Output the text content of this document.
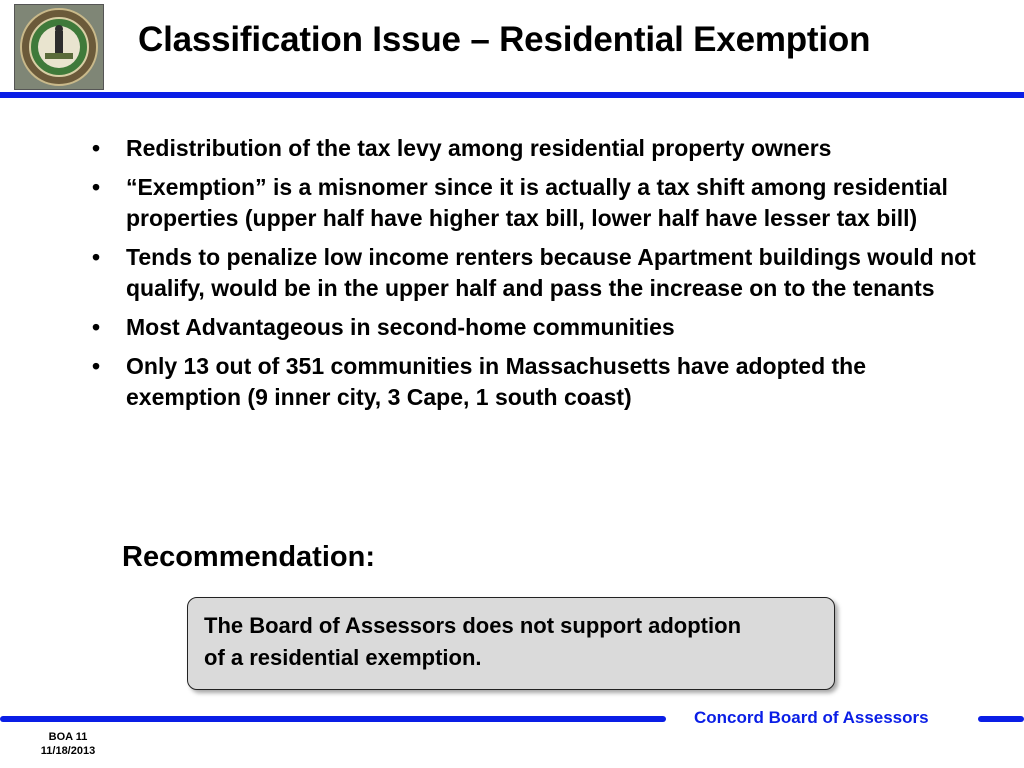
Classification Issue – Residential Exemption
• Redistribution of the tax levy among residential property owners
• “Exemption” is a misnomer since it is actually a tax shift among residential properties (upper half have higher tax bill, lower half have lesser tax bill)
• Tends to penalize low income renters because Apartment buildings would not qualify, would be in the upper half and pass the increase on to the tenants
• Most Advantageous in second-home communities
• Only 13 out of 351 communities in Massachusetts have adopted the exemption (9 inner city, 3 Cape, 1 south coast)
Recommendation:
The Board of Assessors does not support adoption of a residential exemption.
Concord Board of Assessors
BOA 11
11/18/2013
